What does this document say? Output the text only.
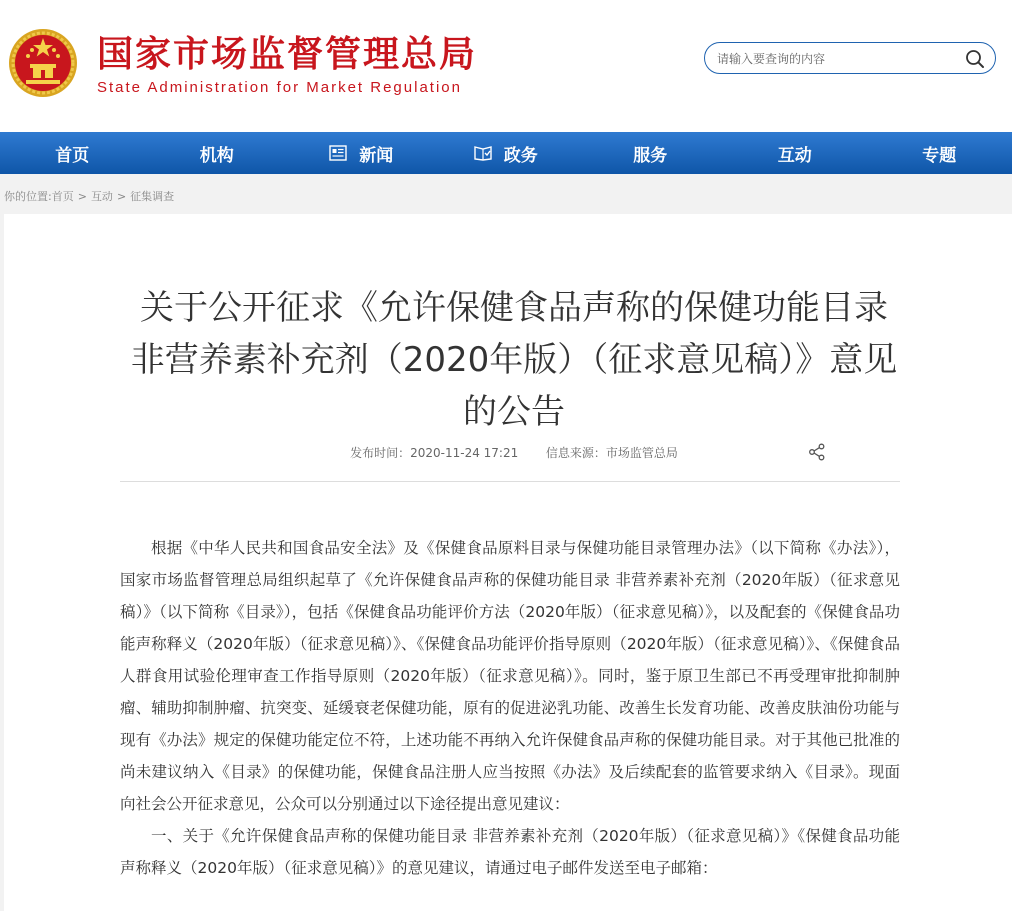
国家市场监督管理总局
State Administration for Market Regulation
请输入要查询的内容
首页	机构	新闻	政务	服务	互动	专题
你的位置:首页 > 互动 > 征集调查
关于公开征求《允许保健食品声称的保健功能目录 非营养素补充剂（2020年版）（征求意见稿）》意见的公告
发布时间：2020-11-24 17:21 信息来源：市场监管总局

根据《中华人民共和国食品安全法》及《保健食品原料目录与保健功能目录管理办法》（以下简称《办法》），国家市场监督管理总局组织起草了《允许保健食品声称的保健功能目录 非营养素补充剂（2020年版）（征求意见稿）》（以下简称《目录》），包括《保健食品功能评价方法（2020年版）（征求意见稿）》，以及配套的《保健食品功能声称释义（2020年版）（征求意见稿）》、《保健食品功能评价指导原则（2020年版）（征求意见稿）》、《保健食品人群食用试验伦理审查工作指导原则（2020年版）（征求意见稿）》。同时，鉴于原卫生部已不再受理审批抑制肿瘤、辅助抑制肿瘤、抗突变、延缓衰老保健功能，原有的促进泌乳功能、改善生长发育功能、改善皮肤油份功能与现有《办法》规定的保健功能定位不符，上述功能不再纳入允许保健食品声称的保健功能目录。对于其他已批准的尚未建议纳入《目录》的保健功能，保健食品注册人应当按照《办法》及后续配套的监管要求纳入《目录》。现面向社会公开征求意见，公众可以分别通过以下途径提出意见建议：

一、关于《允许保健食品声称的保健功能目录 非营养素补充剂（2020年版）（征求意见稿）》《保健食品功能声称释义（2020年版）（征求意见稿）》的意见建议，请通过电子邮件发送至电子邮箱：
